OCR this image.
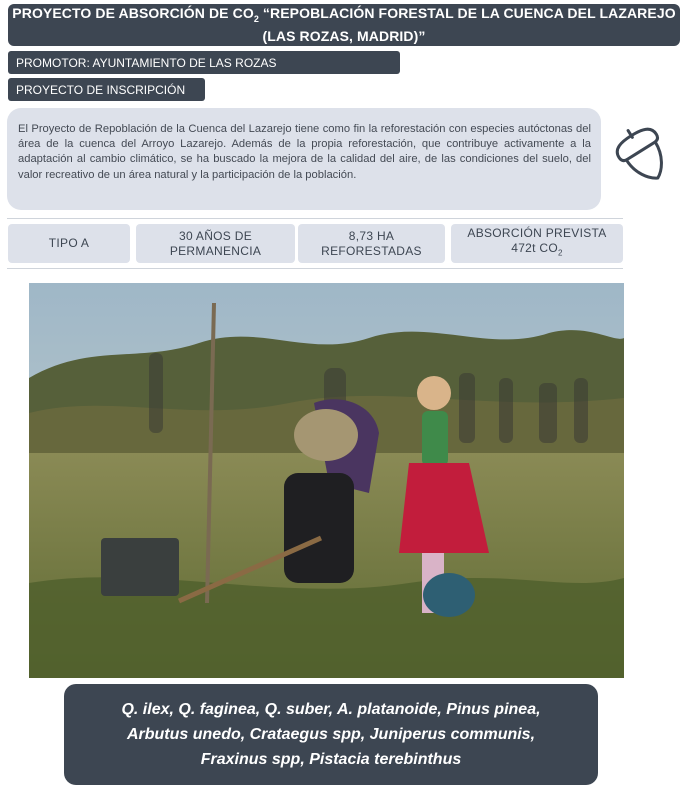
PROYECTO DE ABSORCIÓN DE $CO_2$ “REPOBLACIÓN FORESTAL DE LA CUENCA DEL LAZAREJO
(LAS ROZAS, MADRID)”
PROMOTOR: AYUNTAMIENTO DE LAS ROZAS
PROYECTO DE INSCRIPCIÓN
El Proyecto de Repoblación de la Cuenca del Lazarejo tiene como fin la reforestación con especies autóctonas del área de la cuenca del Arroyo Lazarejo. Además de la propia reforestación, que contribuye activamente a la adaptación al cambio climático, se ha buscado la mejora de la calidad del aire, de las condiciones del suelo, del valor recreativo de un área natural y la participación de la población.
TIPO A
30 AÑOS DE
PERMANENCIA
8,73 HA
REFORESTADAS
ABSORCIÓN PREVISTA
472t $CO_2$
Q. ilex, Q. faginea, Q. suber, A. platanoide, Pinus pinea,
Arbutus unedo, Crataegus spp, Juniperus communis,
Fraxinus spp, Pistacia terebinthus
